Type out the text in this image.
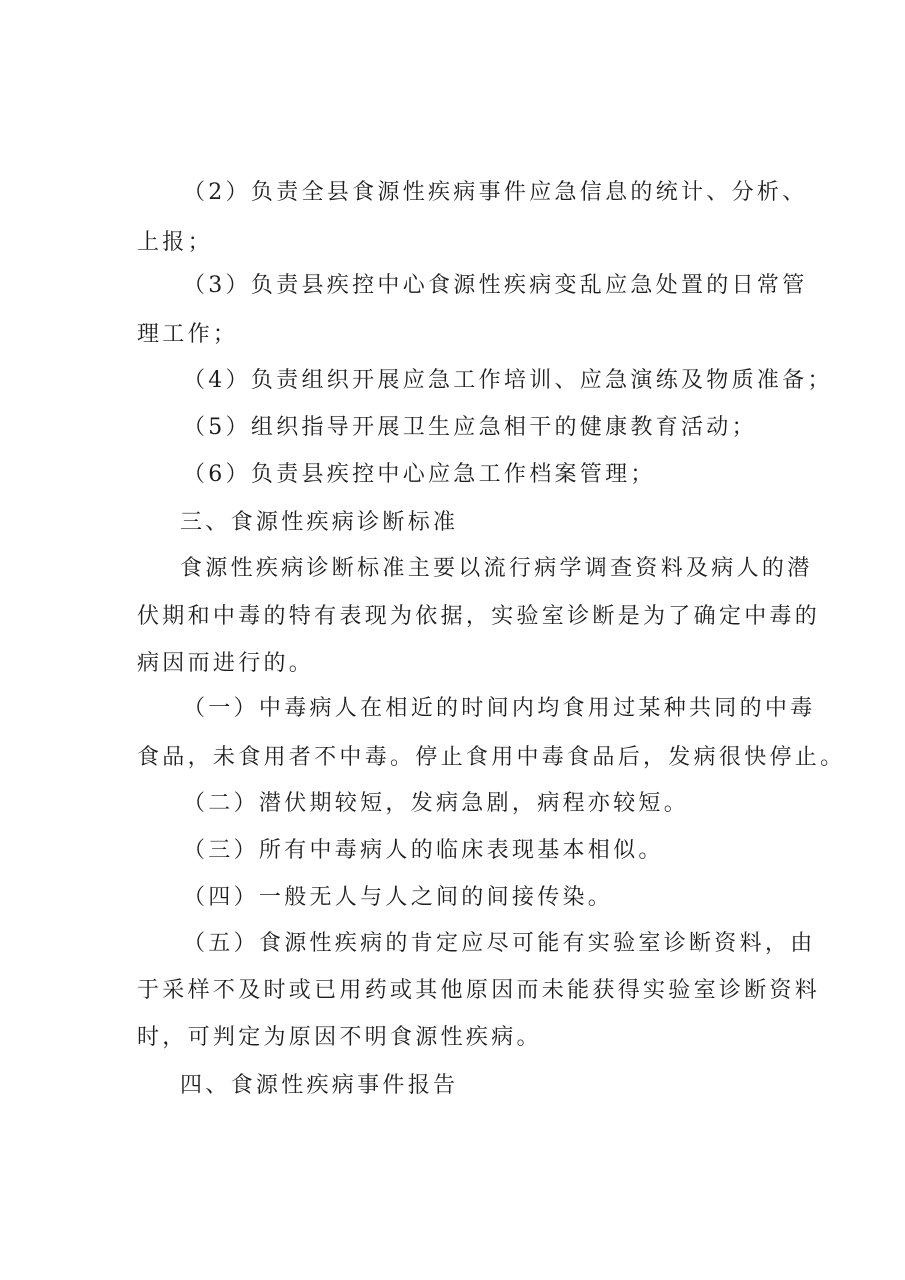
（2）负责全县食源性疾病事件应急信息的统计、分析、
上报；
（3）负责县疾控中心食源性疾病变乱应急处置的日常管
理工作；
（4）负责组织开展应急工作培训、应急演练及物质准备；
（5）组织指导开展卫生应急相干的健康教育活动；
（6）负责县疾控中心应急工作档案管理；
三、食源性疾病诊断标准
食源性疾病诊断标准主要以流行病学调查资料及病人的潜
伏期和中毒的特有表现为依据，实验室诊断是为了确定中毒的
病因而进行的。
（一）中毒病人在相近的时间内均食用过某种共同的中毒
食品，未食用者不中毒。停止食用中毒食品后，发病很快停止。
（二）潜伏期较短，发病急剧，病程亦较短。
（三）所有中毒病人的临床表现基本相似。
（四）一般无人与人之间的间接传染。
（五）食源性疾病的肯定应尽可能有实验室诊断资料，由
于采样不及时或已用药或其他原因而未能获得实验室诊断资料
时，可判定为原因不明食源性疾病。
四、食源性疾病事件报告
